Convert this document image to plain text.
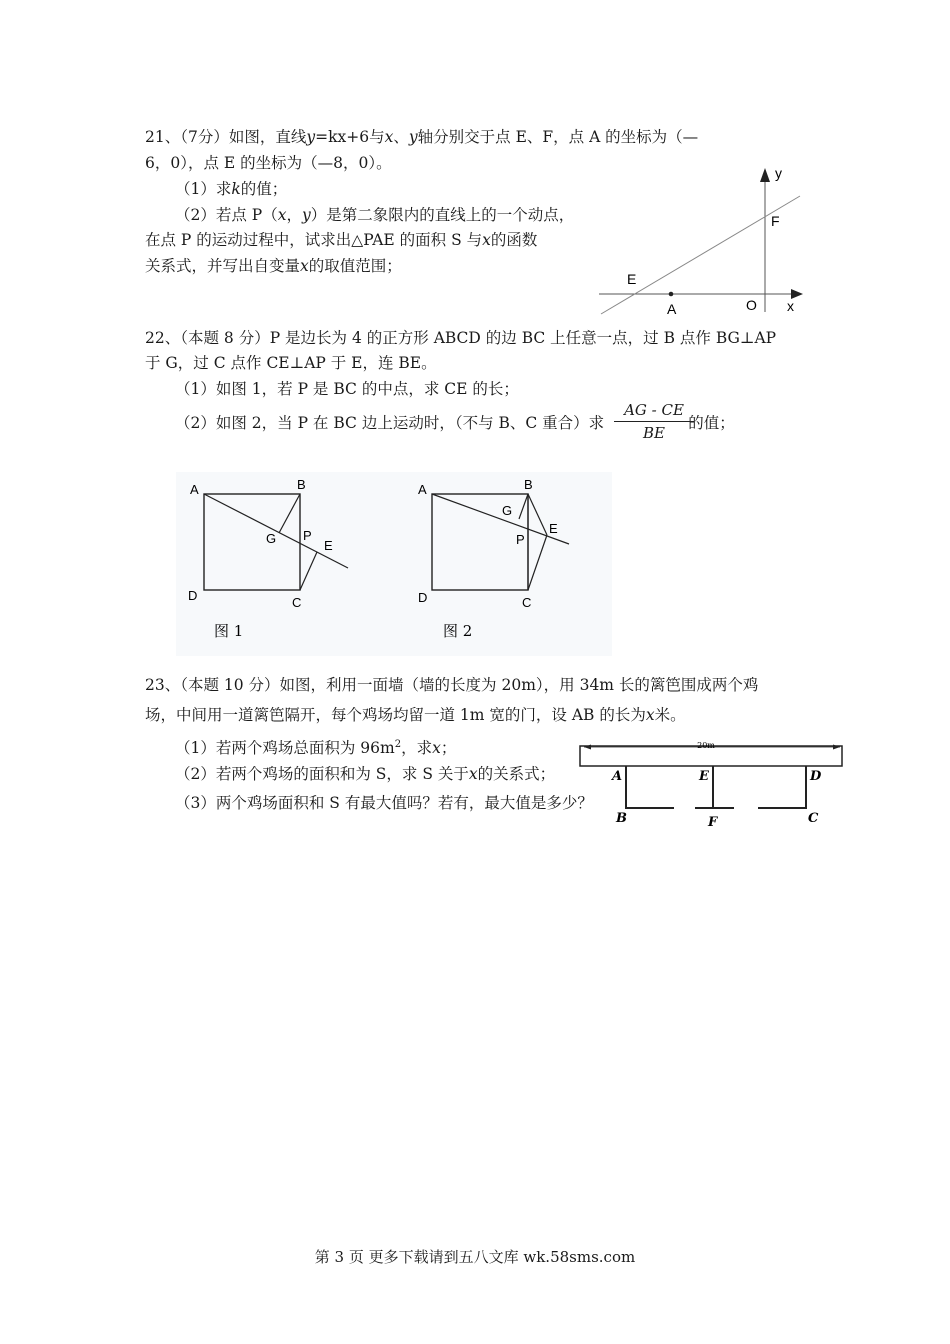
21、（7分）如图，直线y=kx+6与x、y轴分别交于点 E、F，点 A 的坐标为（—
6，0），点 E 的坐标为（—8，0）。
（1）求k的值；
（2）若点 P（x，y）是第二象限内的直线上的一个动点，
在点 P 的运动过程中，试求出△PAE 的面积 S 与x的函数
关系式，并写出自变量x的取值范围；
y
F
E
A	O x
22、（本题 8 分）P 是边长为 4 的正方形 ABCD 的边 BC 上任意一点，过 B 点作 BG⊥AP
于 G，过 C 点作 CE⊥AP 于 E，连 BE。
（1）如图 1，若 P 是 BC 的中点，求 CE 的长；
（2）如图 2，当 P 在 BC 边上运动时，（不与 B、C 重合）求	的值；
AG - CE
BE
A	B
G P
E
D	C
图 1
A	B
G
P
E
D	C
图 2
23、（本题 10 分）如图，利用一面墙（墙的长度为 20m），用 34m 长的篱笆围成两个鸡
场，中间用一道篱笆隔开，每个鸡场均留一道 1m 宽的门，设 AB 的长为x米。
（1）若两个鸡场总面积为 $96m^2$，求x；
（2）若两个鸡场的面积和为 S，求 S 关于x的关系式；
（3）两个鸡场面积和 S 有最大值吗？若有，最大值是多少？
20m
A	E	D
B	F	C
第 3 页 更多下载请到五八文库 wk.58sms.com
